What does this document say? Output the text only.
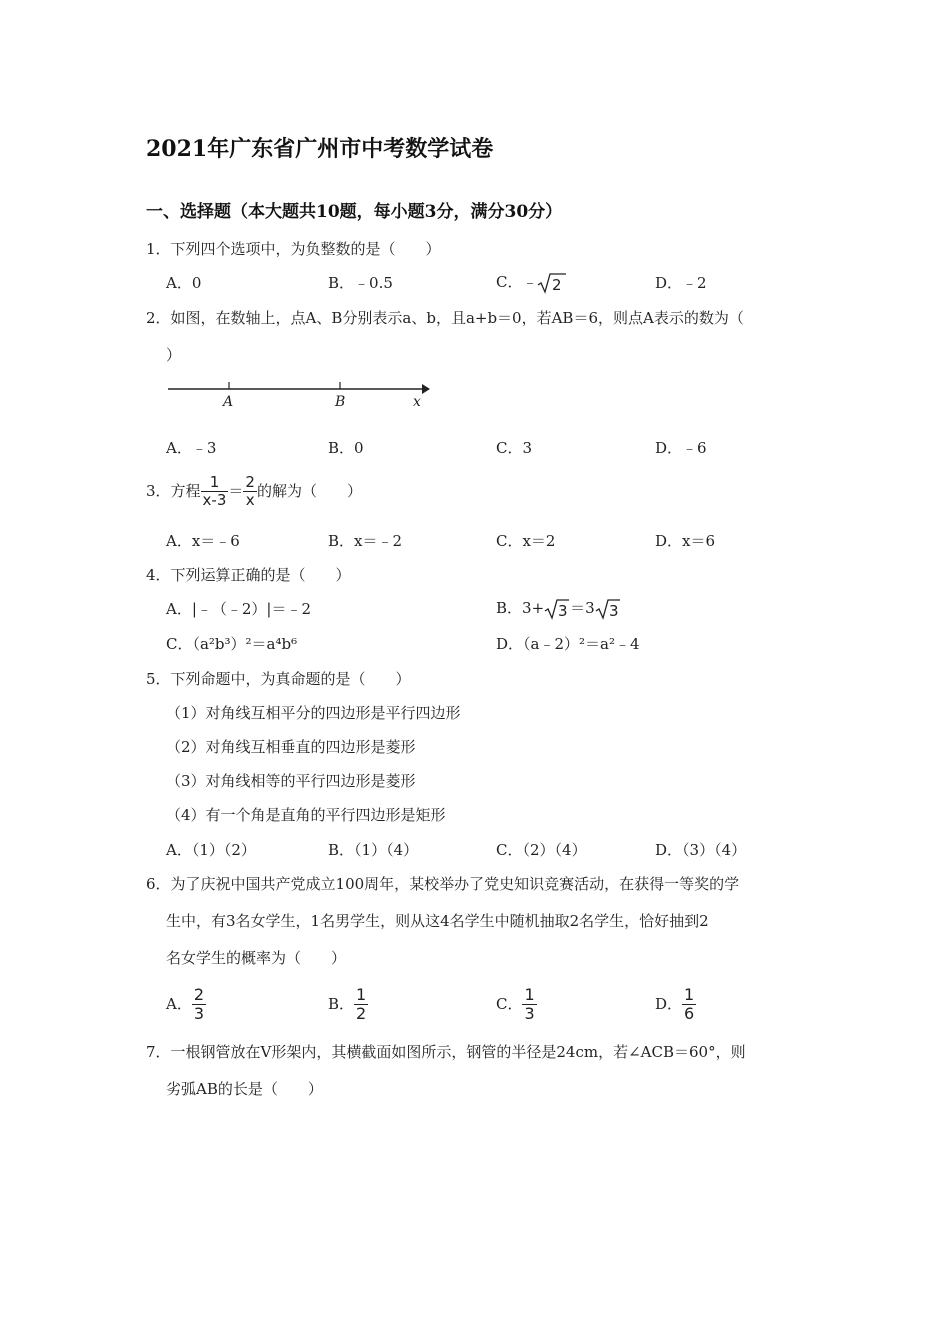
2021年广东省广州市中考数学试卷
一、选择题（本大题共10题，每小题3分，满分30分）
1．下列四个选项中，为负整数的是（　　）
A．0	B．﹣0.5	C．﹣ 2	D．﹣2
2．如图，在数轴上，点A、B分别表示a、b，且a+b＝0，若AB＝6，则点A表示的数为（
）
A	B	x
A．﹣3	B．0	C．3	D．﹣6
3．方程 $\frac{1}{x-3} = \frac{2}{x}$ 的解为（　　）
A．x＝﹣6	B．x＝﹣2	C．x＝2	D．x＝6
4．下列运算正确的是（　　）
A．|﹣（﹣2）|＝﹣2	B．3+ 3 ＝3 3
C．（a²b³）²＝a⁴b⁶	D．（a﹣2）²＝a²﹣4
5．下列命题中，为真命题的是（　　）
（1）对角线互相平分的四边形是平行四边形
（2）对角线互相垂直的四边形是菱形
（3）对角线相等的平行四边形是菱形
（4）有一个角是直角的平行四边形是矩形
A．（1）（2）	B．（1）（4）	C．（2）（4）	D．（3）（4）
6．为了庆祝中国共产党成立100周年，某校举办了党史知识竞赛活动，在获得一等奖的学
生中，有3名女学生，1名男学生，则从这4名学生中随机抽取2名学生，恰好抽到2
名女学生的概率为（　　）
A． $\frac{2}{3}$	B． $\frac{1}{2}$	C． $\frac{1}{3}$	D． $\frac{1}{6}$
7．一根钢管放在V形架内，其横截面如图所示，钢管的半径是24cm，若∠ACB＝60°，则
劣弧AB的长是（　　）
